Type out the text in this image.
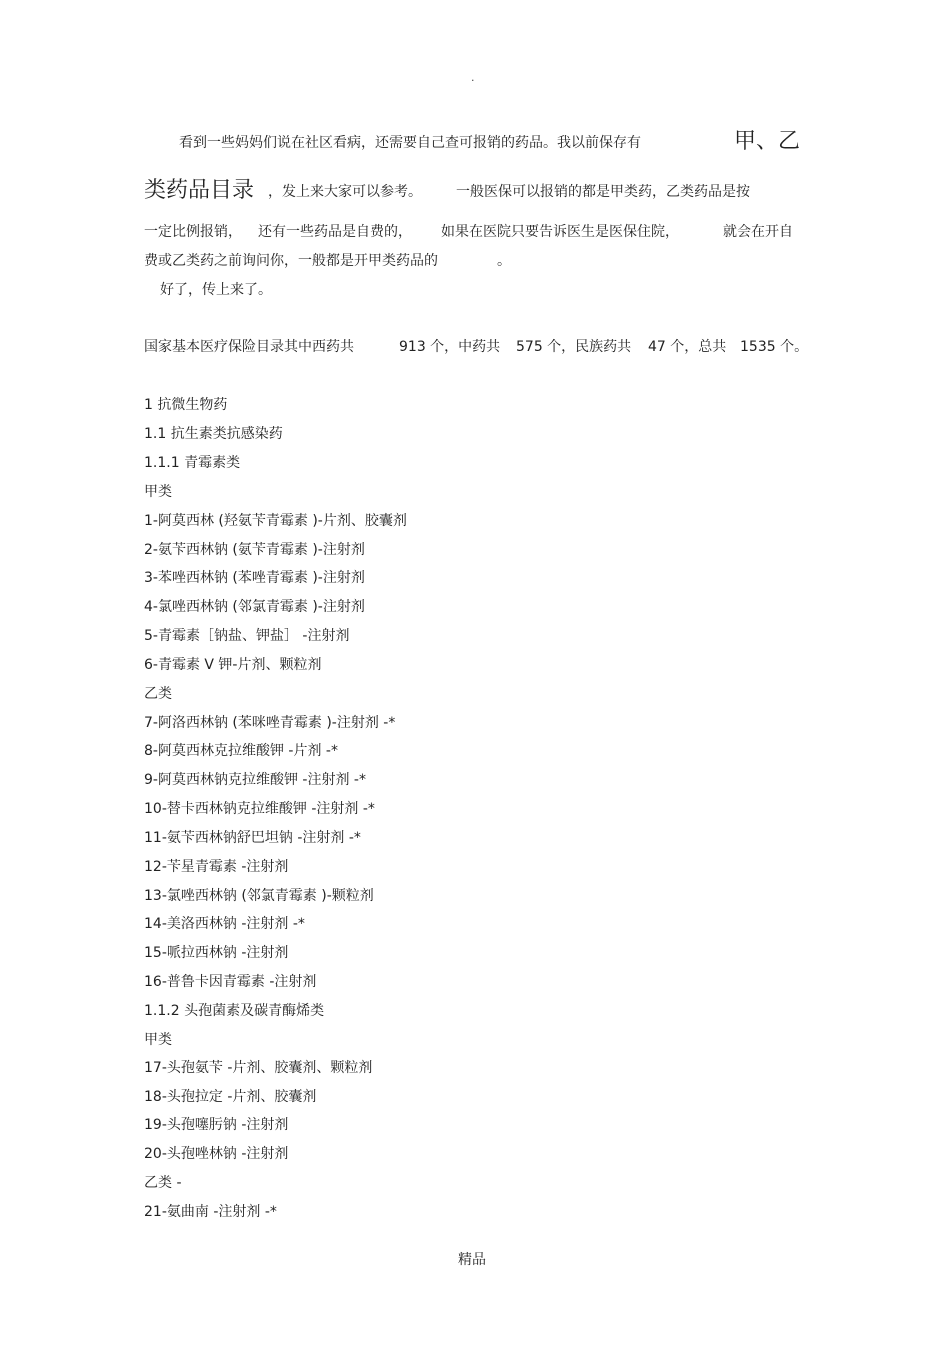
·
看到一些妈妈们说在社区看病，还需要自己查可报销的药品。我以前保存有	甲、乙
类药品目录 ，发上来大家可以参考。 一般医保可以报销的都是甲类药，乙类药品是按
一定比例报销， 还有一些药品是自费的， 如果在医院只要告诉医生是医保住院，	就会在开自
费或乙类药之前询问你，一般都是开甲类药品的	。
好了，传上来了。
国家基本医疗保险目录其中西药共	913 个，中药共 575 个，民族药共 47 个，总共 1535 个。
1 抗微生物药
1.1 抗生素类抗感染药
1.1.1 青霉素类
甲类
1-阿莫西林 (羟氨苄青霉素 )-片剂、胶囊剂
2-氨苄西林钠 (氨苄青霉素 )-注射剂
3-苯唑西林钠 (苯唑青霉素 )-注射剂
4-氯唑西林钠 (邻氯青霉素 )-注射剂
5-青霉素［钠盐、钾盐］ -注射剂
6-青霉素 V 钾-片剂、颗粒剂
乙类
7-阿洛西林钠 (苯咪唑青霉素 )-注射剂 -*
8-阿莫西林克拉维酸钾 -片剂 -*
9-阿莫西林钠克拉维酸钾 -注射剂 -*
10-替卡西林钠克拉维酸钾 -注射剂 -*
11-氨苄西林钠舒巴坦钠 -注射剂 -*
12-苄星青霉素 -注射剂
13-氯唑西林钠 (邻氯青霉素 )-颗粒剂
14-美洛西林钠 -注射剂 -*
15-哌拉西林钠 -注射剂
16-普鲁卡因青霉素 -注射剂
1.1.2 头孢菌素及碳青酶烯类
甲类
17-头孢氨苄 -片剂、胶囊剂、颗粒剂
18-头孢拉定 -片剂、胶囊剂
19-头孢噻肟钠 -注射剂
20-头孢唑林钠 -注射剂
乙类 -
21-氨曲南 -注射剂 -*
精品
